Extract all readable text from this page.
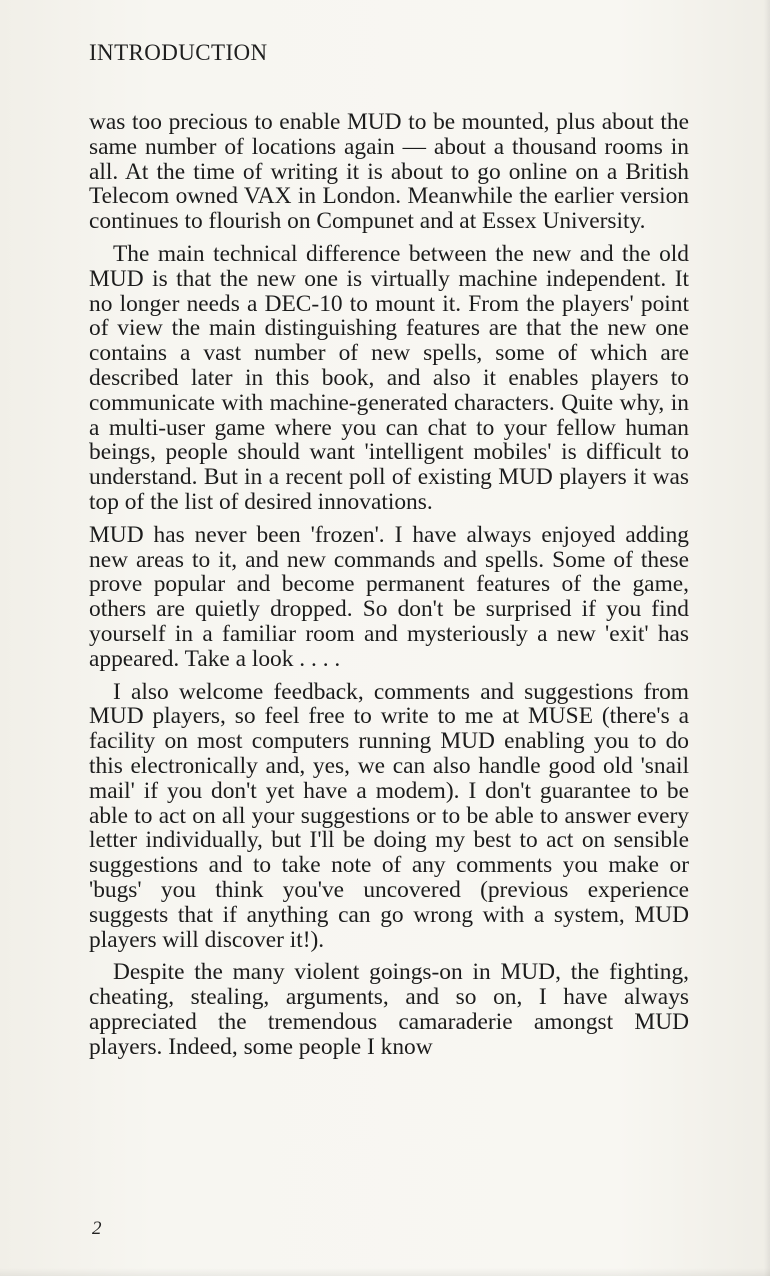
INTRODUCTION

was too precious to enable MUD to be mounted, plus about the same number of locations again — about a thousand rooms in all. At the time of writing it is about to go online on a British Telecom owned VAX in London. Meanwhile the earlier version continues to flourish on Compunet and at Essex University.

The main technical difference between the new and the old MUD is that the new one is virtually machine independent. It no longer needs a DEC-10 to mount it. From the players' point of view the main distinguishing features are that the new one contains a vast number of new spells, some of which are described later in this book, and also it enables players to communicate with machine-generated characters. Quite why, in a multi-user game where you can chat to your fellow human beings, people should want 'intelligent mobiles' is difficult to understand. But in a recent poll of existing MUD players it was top of the list of desired innovations.

MUD has never been 'frozen'. I have always enjoyed adding new areas to it, and new commands and spells. Some of these prove popular and become permanent features of the game, others are quietly dropped. So don't be surprised if you find yourself in a familiar room and mysteriously a new 'exit' has appeared. Take a look . . . .

I also welcome feedback, comments and suggestions from MUD players, so feel free to write to me at MUSE (there's a facility on most computers running MUD enabling you to do this electronically and, yes, we can also handle good old 'snail mail' if you don't yet have a modem). I don't guarantee to be able to act on all your suggestions or to be able to answer every letter individually, but I'll be doing my best to act on sensible suggestions and to take note of any comments you make or 'bugs' you think you've uncovered (previous experience suggests that if anything can go wrong with a system, MUD players will discover it!).

Despite the many violent goings-on in MUD, the fighting, cheating, stealing, arguments, and so on, I have always appreciated the tremendous camaraderie amongst MUD players. Indeed, some people I know

2
